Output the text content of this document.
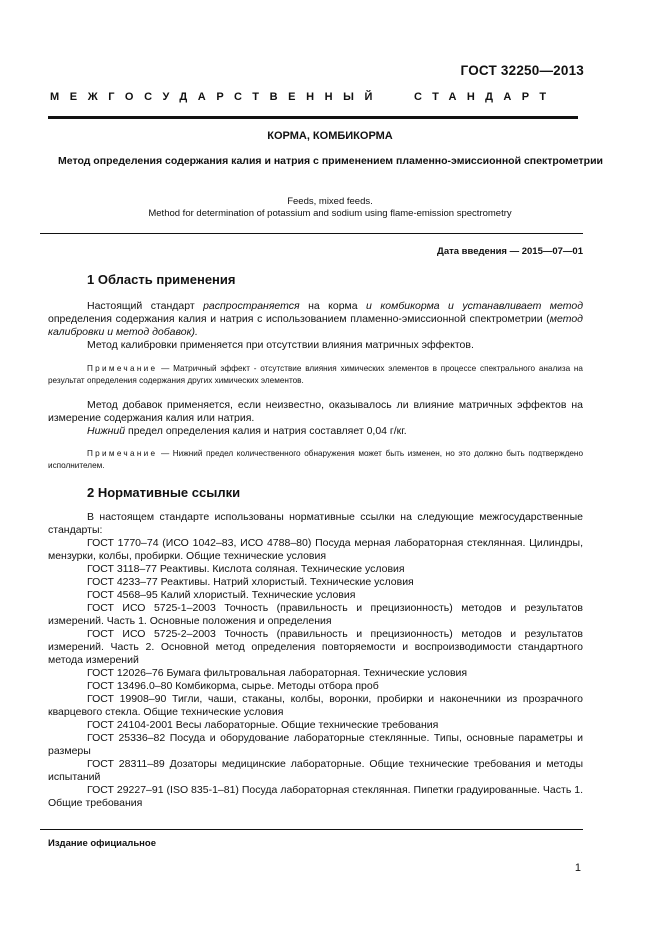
ГОСТ 32250—2013
МЕЖГОСУДАРСТВЕННЫЙ	СТАНДАРТ
КОРМА, КОМБИКОРМА
Метод определения содержания калия и натрия с применением пламенно-эмиссионной спектрометрии
Feeds, mixed feeds.
Method for determination of potassium and sodium using flame-emission spectrometry
Дата введения — 2015—07—01
1 Область применения
Настоящий стандарт распространяется на корма и комбикорма и устанавливает метод определения содержания калия и натрия с использованием пламенно-эмиссионной спектрометрии (метод калибровки и метод добавок).
Метод калибровки применяется при отсутствии влияния матричных эффектов.
Примечание — Матричный эффект - отсутствие влияния химических элементов в процессе спектрального анализа на результат определения содержания других химических элементов.
Метод добавок применяется, если неизвестно, оказывалось ли влияние матричных эффектов на измерение содержания калия или натрия.
Нижний предел определения калия и натрия составляет 0,04 г/кг.
Примечание — Нижний предел количественного обнаружения может быть изменен, но это должно быть подтверждено исполнителем.
2 Нормативные ссылки
В настоящем стандарте использованы нормативные ссылки на следующие межгосударственные стандарты:
ГОСТ 1770–74 (ИСО 1042–83, ИСО 4788–80) Посуда мерная лабораторная стеклянная. Цилиндры, мензурки, колбы, пробирки. Общие технические условия
ГОСТ 3118–77 Реактивы. Кислота соляная. Технические условия
ГОСТ 4233–77 Реактивы. Натрий хлористый. Технические условия
ГОСТ 4568–95 Калий хлористый. Технические условия
ГОСТ ИСО 5725-1–2003 Точность (правильность и прецизионность) методов и результатов измерений. Часть 1. Основные положения и определения
ГОСТ ИСО 5725-2–2003 Точность (правильность и прецизионность) методов и результатов измерений. Часть 2. Основной метод определения повторяемости и воспроизводимости стандартного метода измерений
ГОСТ 12026–76 Бумага фильтровальная лабораторная. Технические условия
ГОСТ 13496.0–80 Комбикорма, сырье. Методы отбора проб
ГОСТ 19908–90 Тигли, чаши, стаканы, колбы, воронки, пробирки и наконечники из прозрачного кварцевого стекла. Общие технические условия
ГОСТ 24104-2001 Весы лабораторные. Общие технические требования
ГОСТ 25336–82 Посуда и оборудование лабораторные стеклянные. Типы, основные параметры и размеры
ГОСТ 28311–89 Дозаторы медицинские лабораторные. Общие технические требования и методы испытаний
ГОСТ 29227–91 (ISO 835-1–81) Посуда лабораторная стеклянная. Пипетки градуированные. Часть 1. Общие требования
Издание официальное
1
